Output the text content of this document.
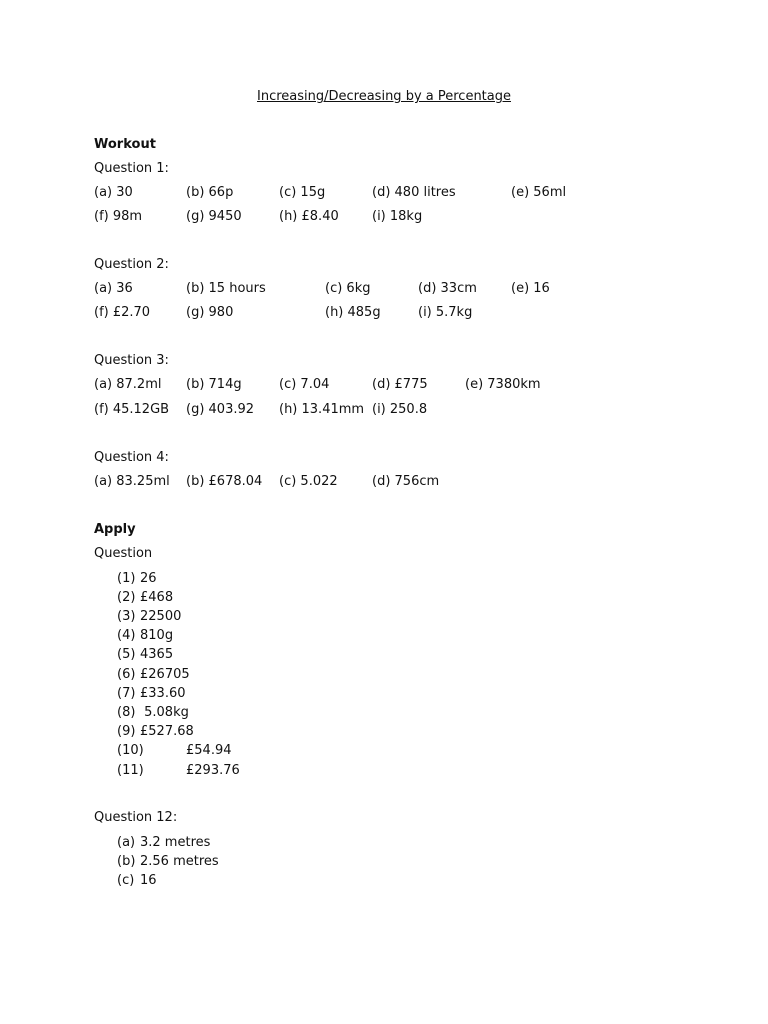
Increasing/Decreasing by a Percentage
Workout
Question 1:
(a) 30	(b) 66p	(c) 15g	(d) 480 litres	(e) 56ml
(f) 98m	(g) 9450	(h) £8.40	(i) 18kg
Question 2:
(a) 36	(b) 15 hours	(c) 6kg	(d) 33cm	(e) 16
(f) £2.70	(g) 980	(h) 485g	(i) 5.7kg
Question 3:
(a) 87.2ml (b) 714g	(c) 7.04	(d) £775	(e) 7380km
(f) 45.12GB (g) 403.92 (h) 13.41mm (i) 250.8
Question 4:
(a) 83.25ml (b) £678.04 (c) 5.022	(d) 756cm
Apply
Question
(1) 26
(2) £468
(3) 22500
(4) 810g
(5) 4365
(6) £26705
(7) £33.60
(8) 5.08kg
(9) £527.68
(10)	£54.94
(11)	£293.76
Question 12:
(a) 3.2 metres
(b) 2.56 metres
(c) 16
